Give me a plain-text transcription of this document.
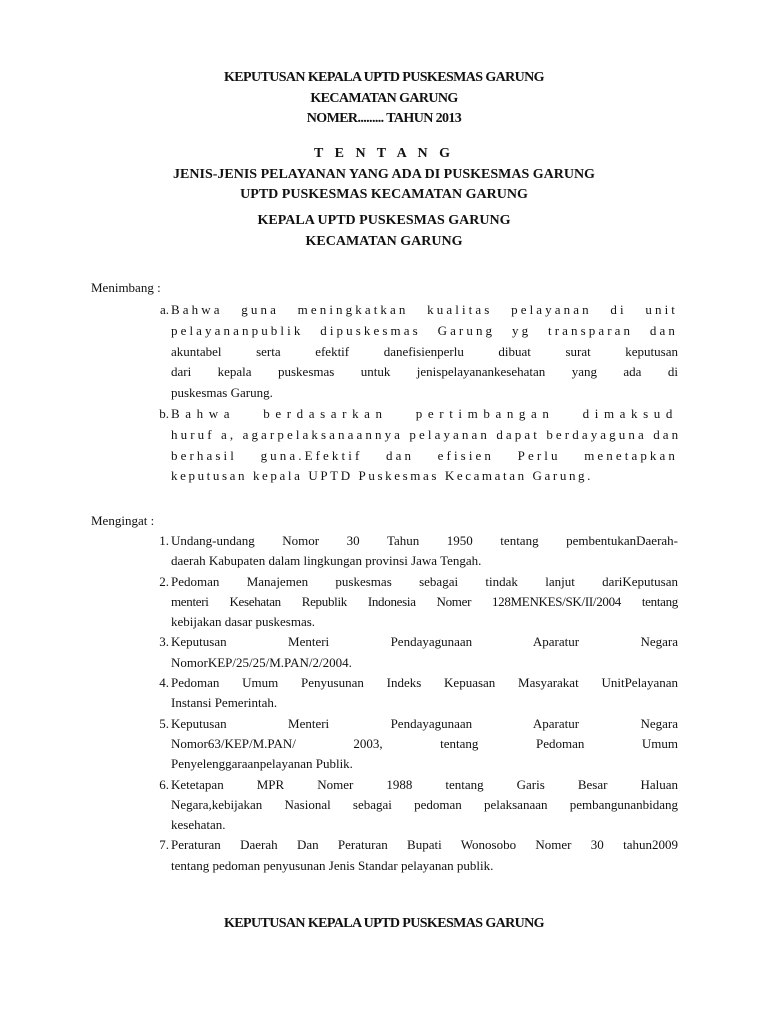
KEPUTUSAN KEPALA UPTD PUSKESMAS GARUNG
KECAMATAN GARUNG
NOMER......... TAHUN 2013
T E N T A N G
JENIS-JENIS PELAYANAN YANG ADA DI PUSKESMAS GARUNG
UPTD PUSKESMAS KECAMATAN GARUNG
KEPALA UPTD PUSKESMAS GARUNG
KECAMATAN GARUNG
Menimbang :
a. Bahwa guna meningkatkan kualitas pelayanan di unit
pelayananpublik dipuskesmas Garung yg transparan dan
akuntabel serta efektif danefisienperlu dibuat surat keputusan
dari kepala puskesmas untuk jenispelayanankesehatan yang ada di
puskesmas Garung.
b. Bahwa berdasarkan pertimbangan dimaksud
huruf a, agarpelaksanaannya pelayanan dapat berdayaguna dan
berhasil guna.Efektif dan efisien Perlu menetapkan
keputusan kepala UPTD Puskesmas Kecamatan Garung.
Mengingat :
1. Undang-undang Nomor 30 Tahun 1950 tentang pembentukanDaerah-
daerah Kabupaten dalam lingkungan provinsi Jawa Tengah.
2. Pedoman Manajemen puskesmas sebagai tindak lanjut dariKeputusan
menteri Kesehatan Republik Indonesia Nomer 128MENKES/SK/II/2004 tentang
kebijakan dasar puskesmas.
3. Keputusan Menteri Pendayagunaan Aparatur Negara
NomorKEP/25/25/M.PAN/2/2004.
4. Pedoman Umum Penyusunan Indeks Kepuasan Masyarakat UnitPelayanan
Instansi Pemerintah.
5. Keputusan Menteri Pendayagunaan Aparatur Negara
Nomor63/KEP/M.PAN/ 2003, tentang Pedoman Umum
Penyelenggaraanpelayanan Publik.
6. Ketetapan MPR Nomer 1988 tentang Garis Besar Haluan
Negara,kebijakan Nasional sebagai pedoman pelaksanaan pembangunanbidang
kesehatan.
7. Peraturan Daerah Dan Peraturan Bupati Wonosobo Nomer 30 tahun2009
tentang pedoman penyusunan Jenis Standar pelayanan publik.
KEPUTUSAN KEPALA UPTD PUSKESMAS GARUNG
